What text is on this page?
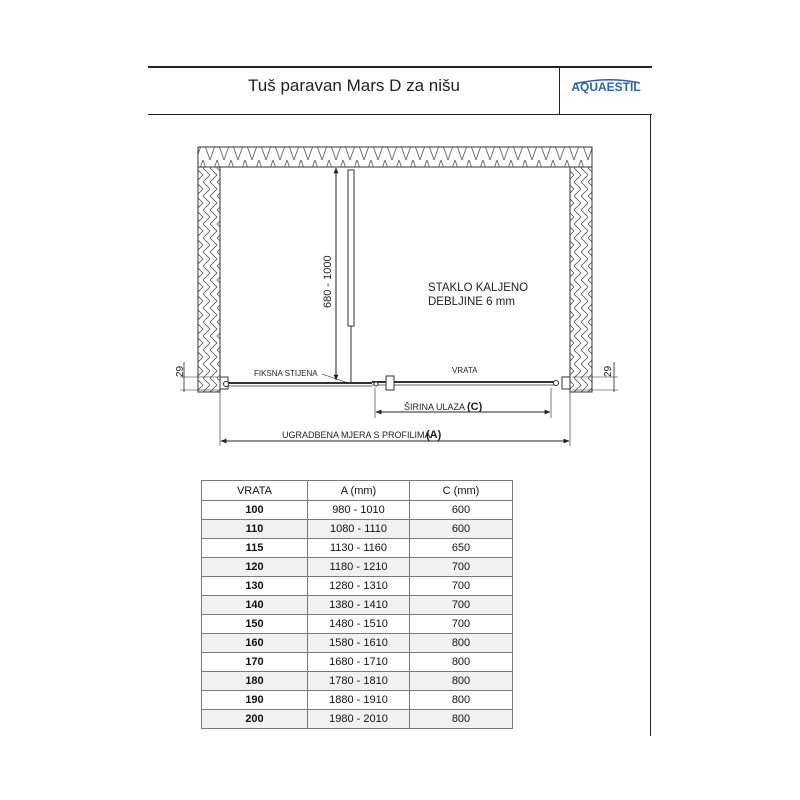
Tuš paravan Mars D za nišu	AQUAESTIL
680 - 1000	STAKLO KALJENO
DEBLJINE 6 mm
FIKSNA STIJENA	VRATA
29	29
ŠIRINA ULAZA (C)
UGRADBENA MJERA S PROFILIMA
(A)
VRATA	A (mm)	C (mm)
100	980 - 1010	600
110	1080 - 1110	600
115	1130 - 1160	650
120	1180 - 1210	700
130	1280 - 1310	700
140	1380 - 1410	700
150	1480 - 1510	700
160	1580 - 1610	800
170	1680 - 1710	800
180	1780 - 1810	800
190	1880 - 1910	800
200	1980 - 2010	800
